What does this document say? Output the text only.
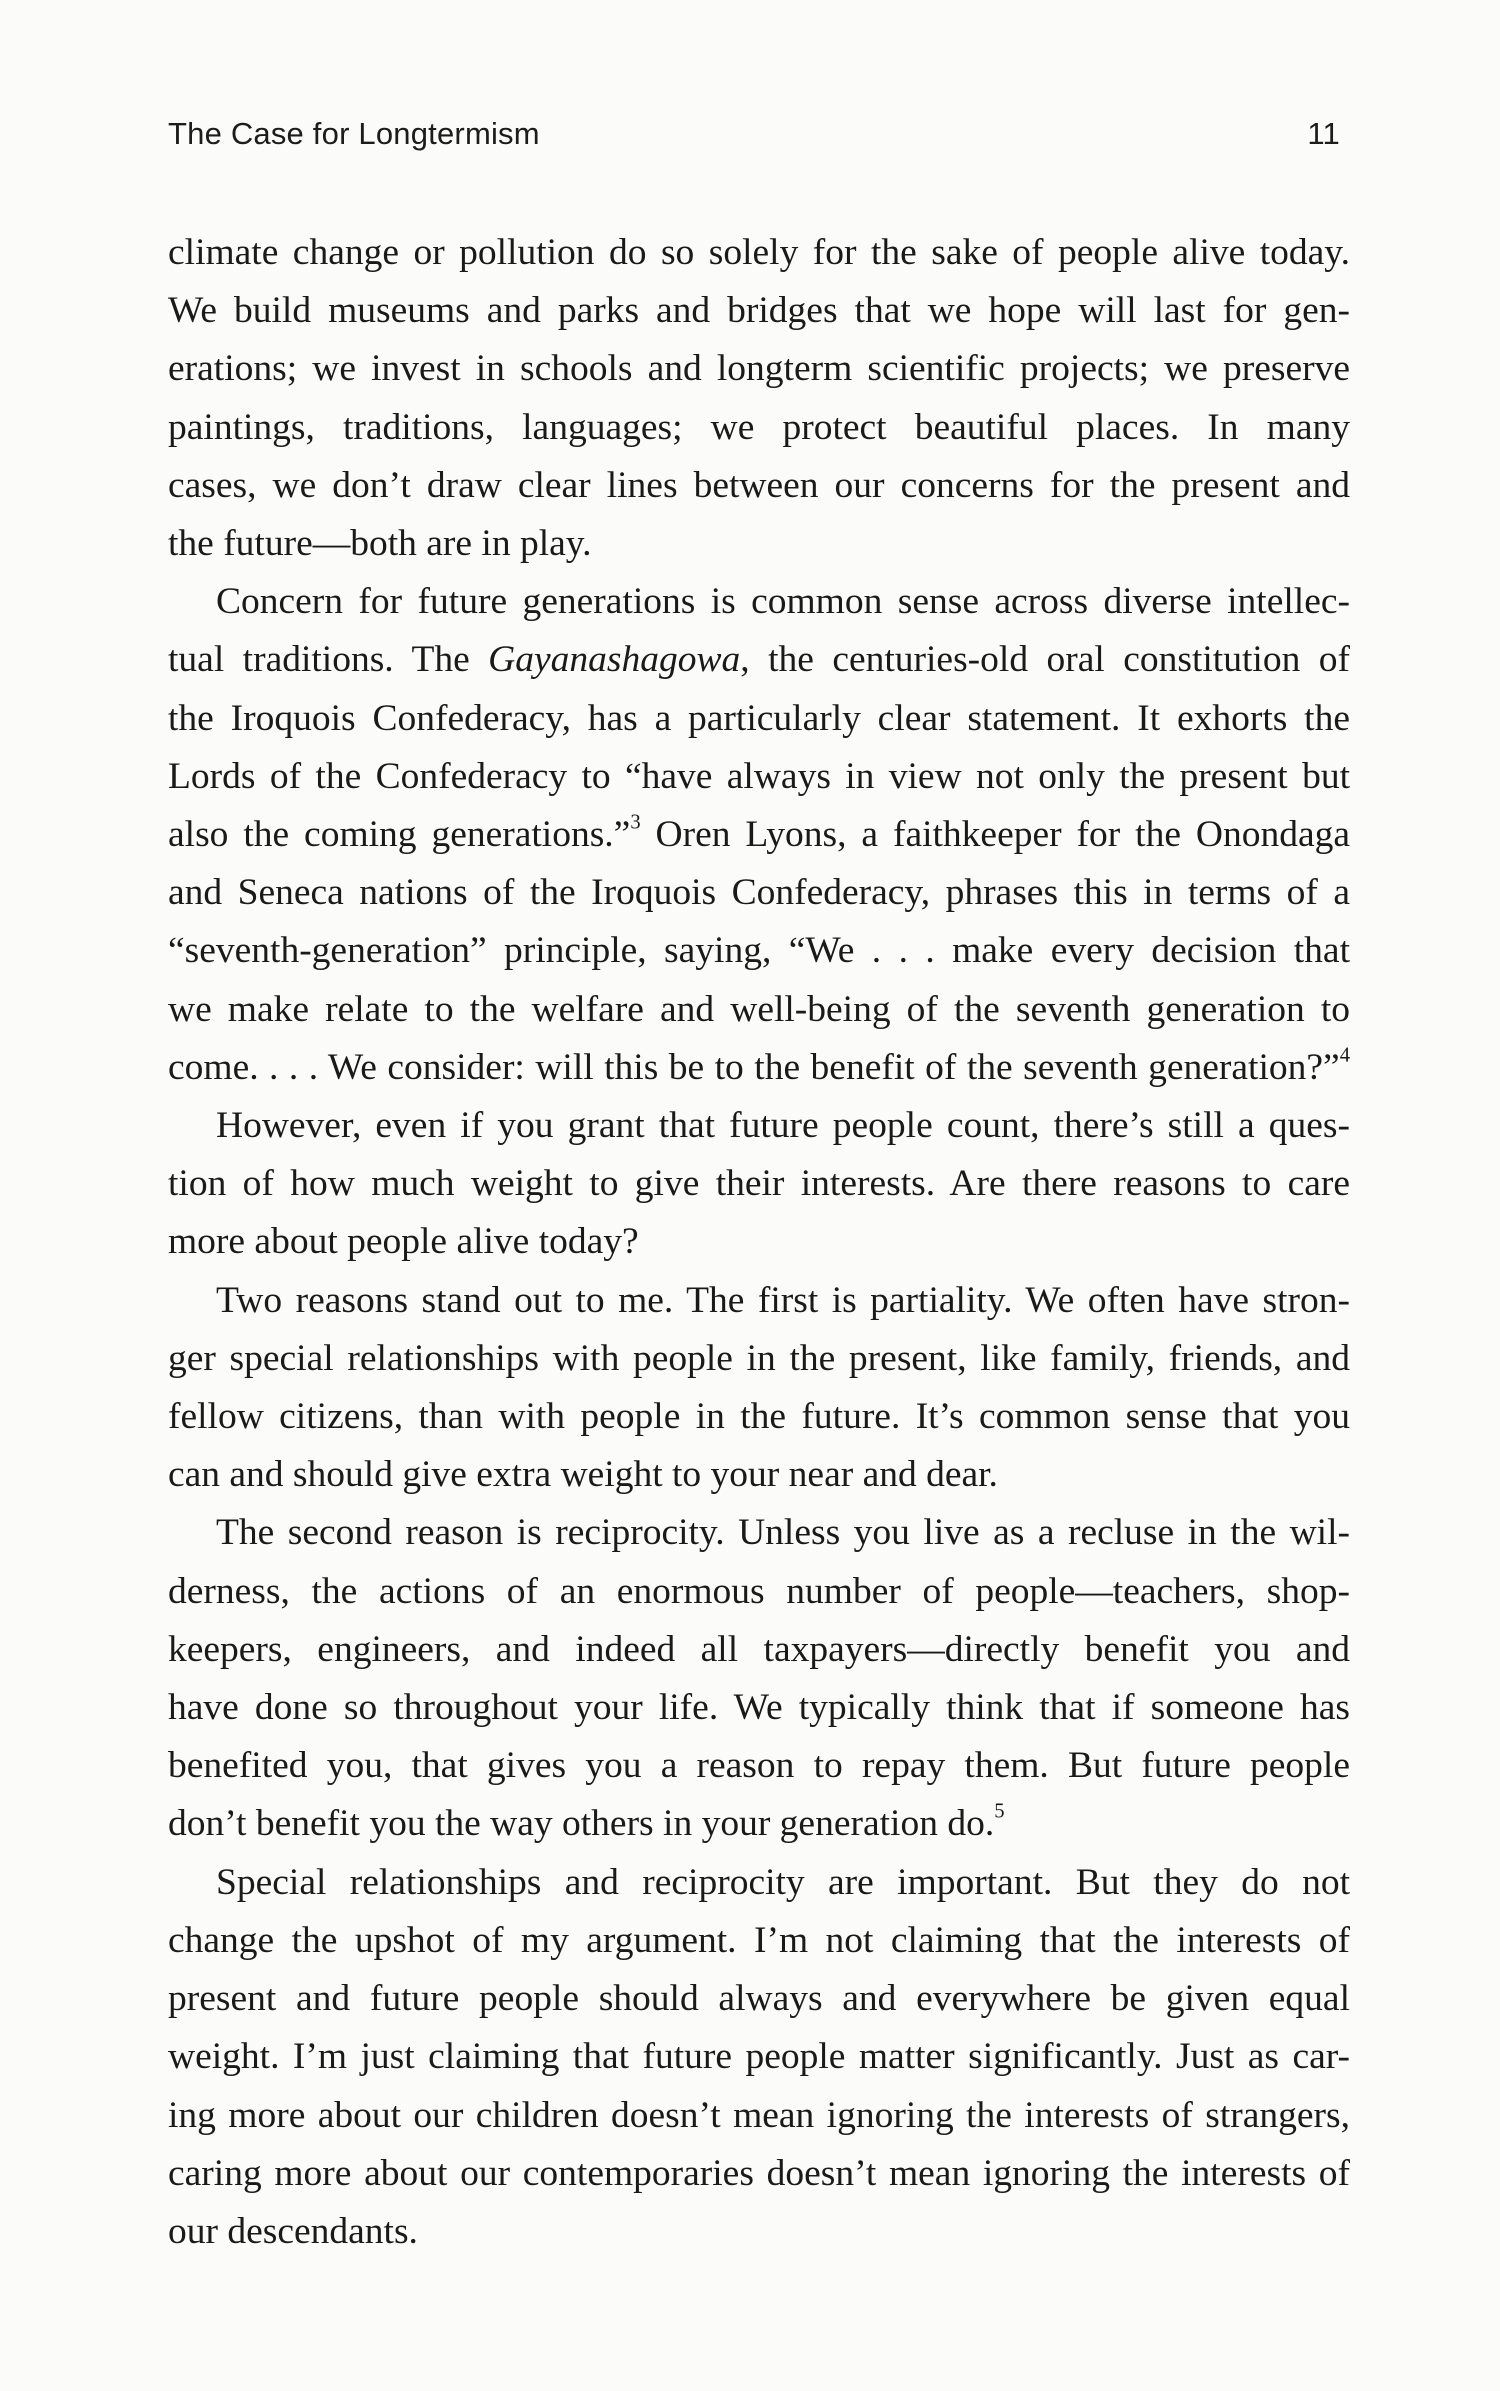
The Case for Longtermism	11

climate change or pollution do so solely for the sake of people alive today.
We build museums and parks and bridges that we hope will last for gen-
erations; we invest in schools and longterm scientific projects; we preserve
paintings, traditions, languages; we protect beautiful places. In many
cases, we don’t draw clear lines between our concerns for the present and
the future—both are in play.

Concern for future generations is common sense across diverse intellec-
tual traditions. The Gayanashagowa, the centuries-old oral constitution of
the Iroquois Confederacy, has a particularly clear statement. It exhorts the
Lords of the Confederacy to “have always in view not only the present but
also the coming generations.”$^3$ Oren Lyons, a faithkeeper for the Onondaga
and Seneca nations of the Iroquois Confederacy, phrases this in terms of a
“seventh-generation” principle, saying, “We . . . make every decision that
we make relate to the welfare and well-being of the seventh generation to
come. . . . We consider: will this be to the benefit of the seventh generation?”$^4$

However, even if you grant that future people count, there’s still a ques-
tion of how much weight to give their interests. Are there reasons to care
more about people alive today?

Two reasons stand out to me. The first is partiality. We often have stron-
ger special relationships with people in the present, like family, friends, and
fellow citizens, than with people in the future. It’s common sense that you
can and should give extra weight to your near and dear.

The second reason is reciprocity. Unless you live as a recluse in the wil-
derness, the actions of an enormous number of people—teachers, shop-
keepers, engineers, and indeed all taxpayers—directly benefit you and
have done so throughout your life. We typically think that if someone has
benefited you, that gives you a reason to repay them. But future people
don’t benefit you the way others in your generation do.$^5$

Special relationships and reciprocity are important. But they do not
change the upshot of my argument. I’m not claiming that the interests of
present and future people should always and everywhere be given equal
weight. I’m just claiming that future people matter significantly. Just as car-
ing more about our children doesn’t mean ignoring the interests of strangers,
caring more about our contemporaries doesn’t mean ignoring the interests of
our descendants.
